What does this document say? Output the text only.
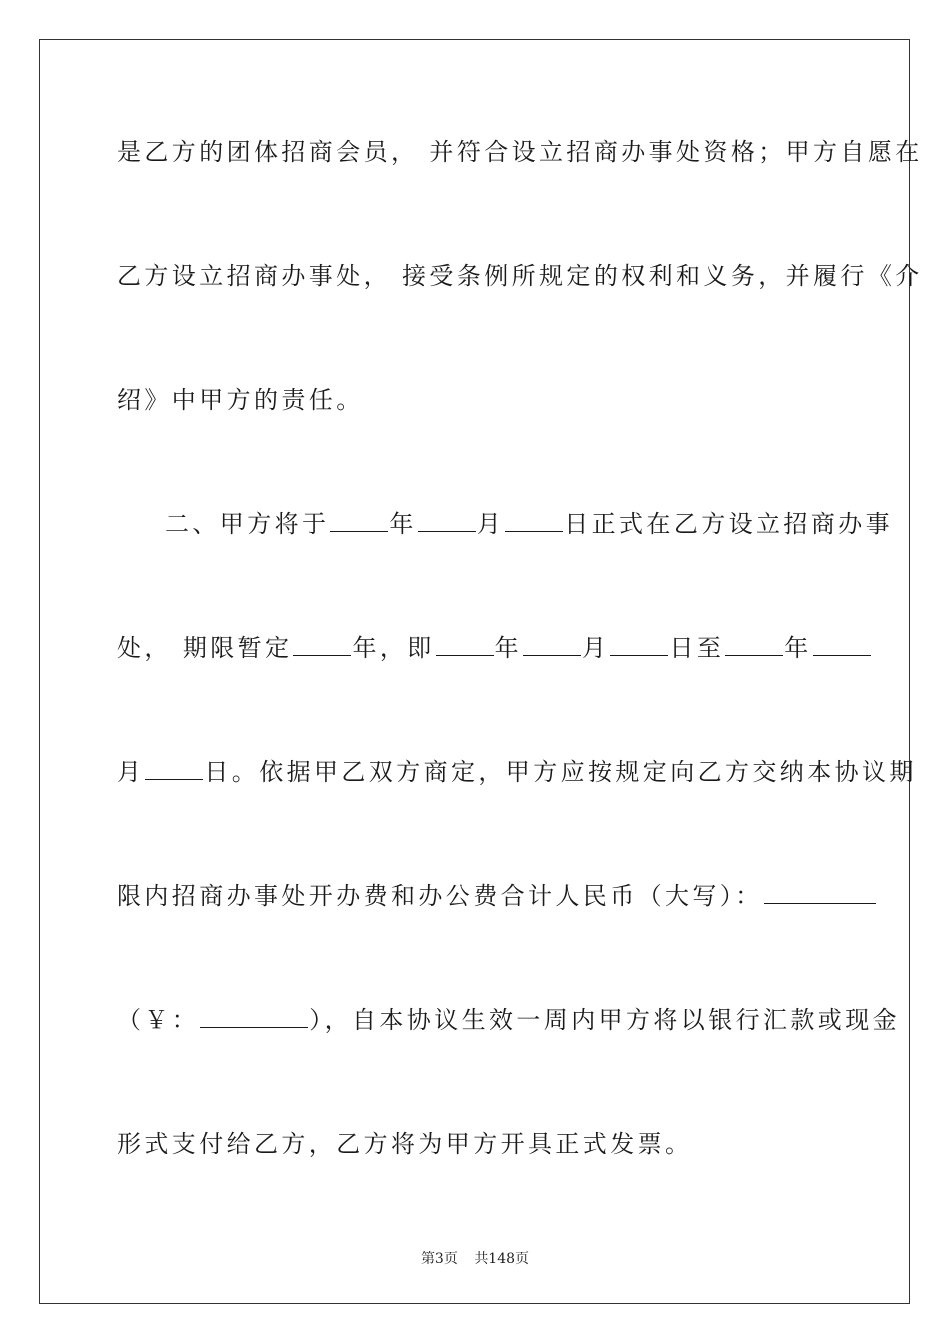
是乙方的团体招商会员， 并符合设立招商办事处资格；甲方自愿在
乙方设立招商办事处， 接受条例所规定的权利和义务，并履行《介
绍》中甲方的责任。
二、甲方将于	年	月	日正式在乙方设立招商办事
处， 期限暂定	年，即	年	月	日至	年
月	日。依据甲乙双方商定，甲方应按规定向乙方交纳本协议期
限内招商办事处开办费和办公费合计人民币（大写）：
（￥：	），自本协议生效一周内甲方将以银行汇款或现金
形式支付给乙方，乙方将为甲方开具正式发票。
第3页 共148页
